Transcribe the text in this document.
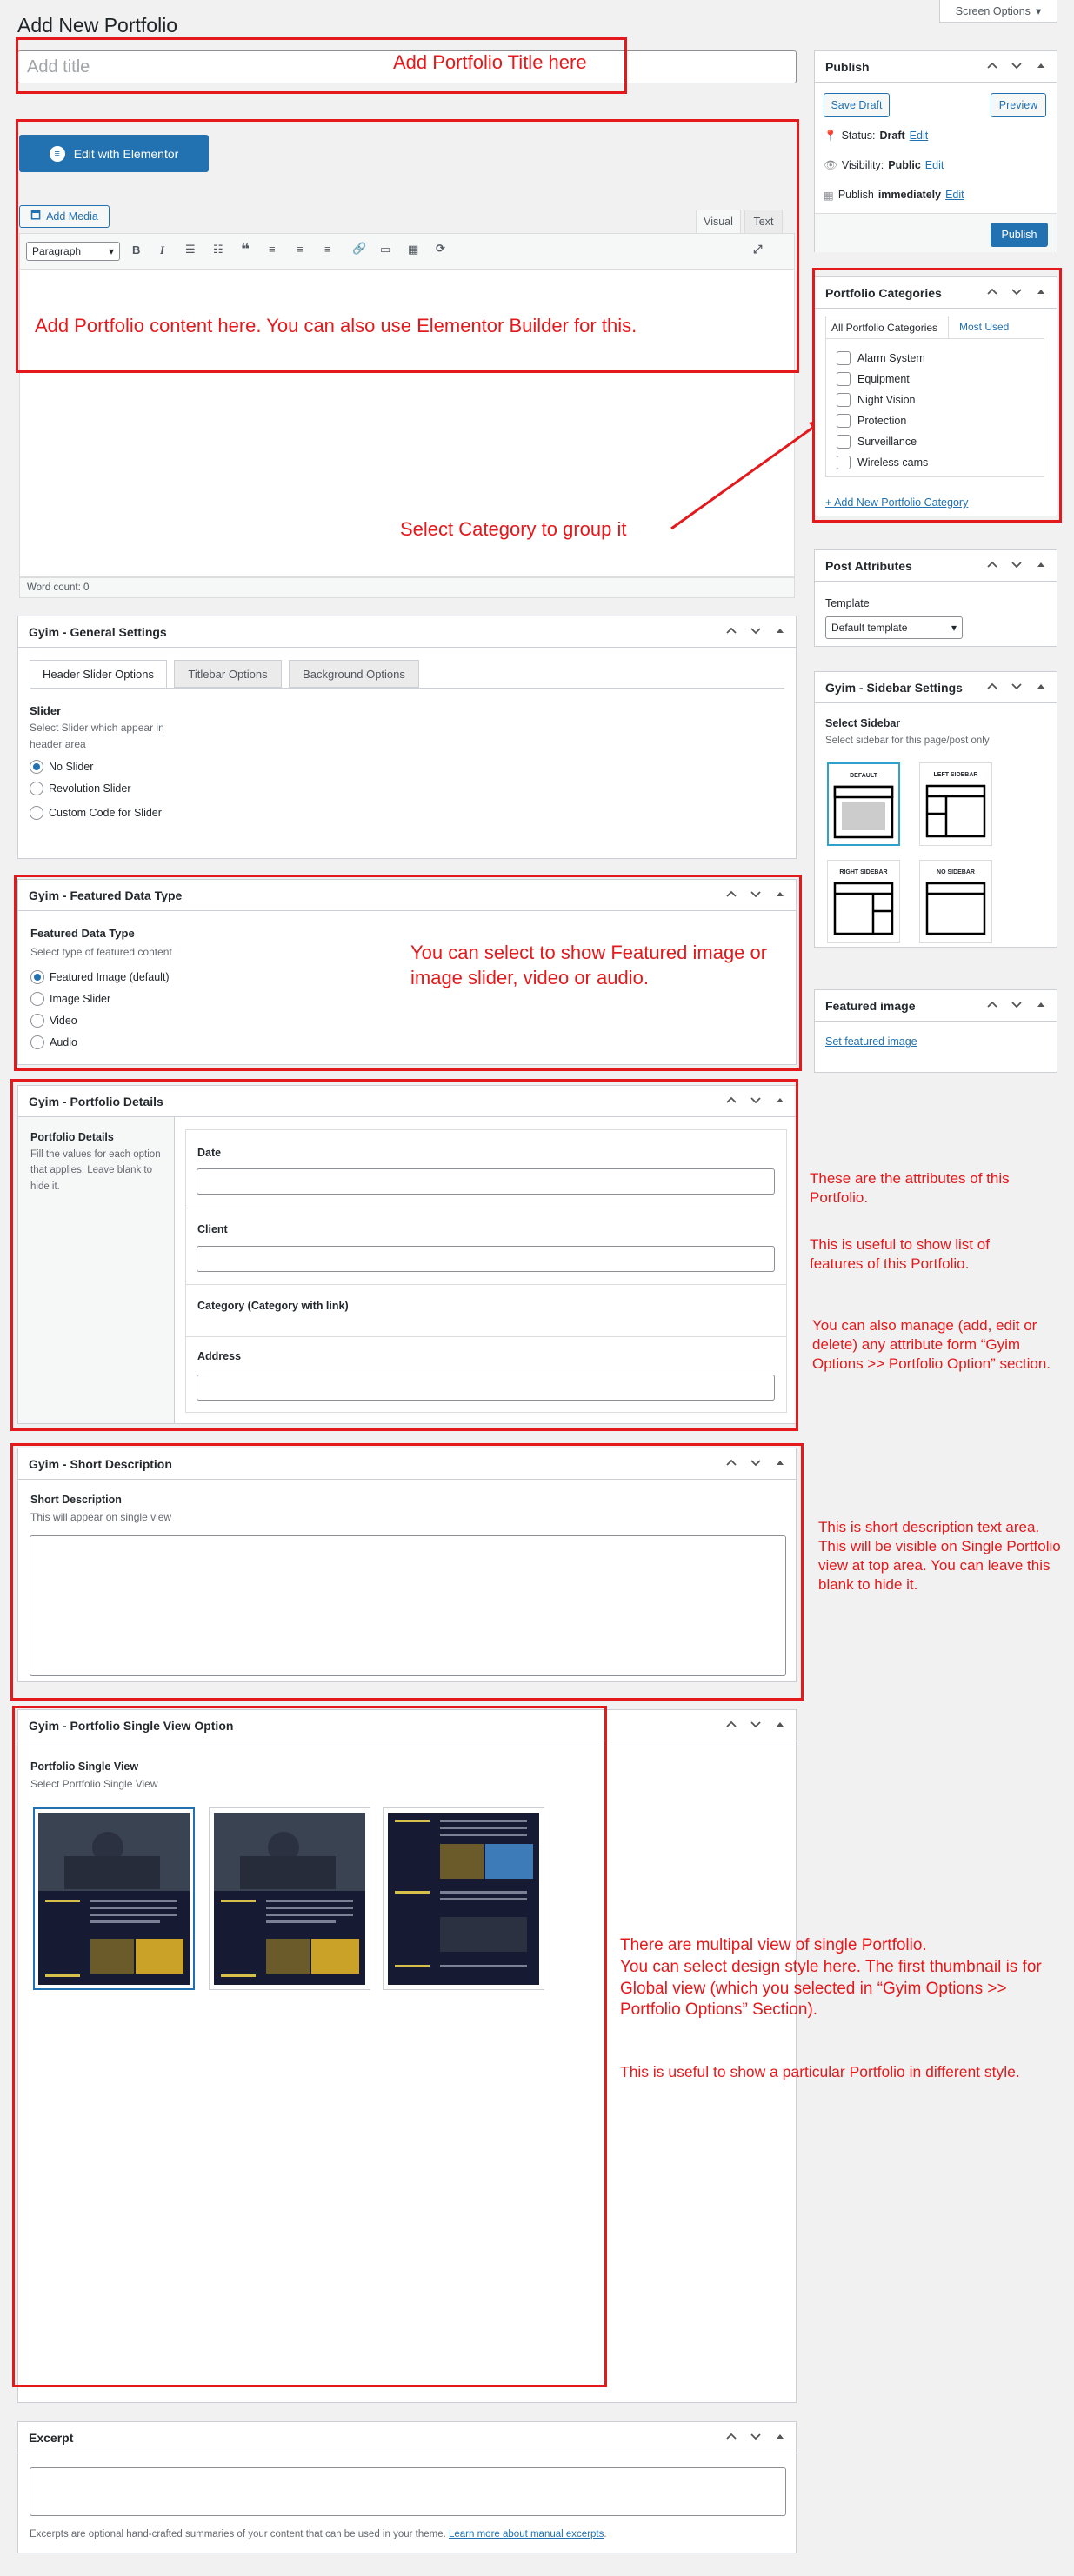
Add New Portfolio
Screen Options ▾
Add title	Add Portfolio Title here
≡	Edit with Elementor
🗖 Add Media	Visual Text
Paragraph	▾ B I ☰ ☷ ❝ ≡ ≡ ≡ 🔗 ▭ ▦ ⟳	⤢
Word count: 0
Add Portfolio content here. You can also use Elementor Builder for this.
Select Category to group it
Gyim - General Settings
Header Slider Options	Titlebar Options	Background Options
Slider
Select Slider which appear in header area
No Slider
Revolution Slider
Custom Code for Slider
Gyim - Featured Data Type
Featured Data Type
Select type of featured content
Featured Image (default)
Image Slider
Video
Audio
You can select to show Featured image or image slider, video or audio.
Gyim - Portfolio Details
Portfolio Details
Fill the values for each option that applies. Leave blank to hide it.
Date
Client
Category (Category with link)
Address
These are the attributes of this Portfolio.
This is useful to show list of features of this Portfolio.
You can also manage (add, edit or delete) any attribute form “Gyim Options >> Portfolio Option” section.
Gyim - Short Description
Short Description
This will appear on single view
This is short description text area. This will be visible on Single Portfolio view at top area. You can leave this blank to hide it.
Gyim - Portfolio Single View Option
Portfolio Single View
Select Portfolio Single View
There are multipal view of single Portfolio.
You can select design style here. The first thumbnail is for Global view (which you selected in “Gyim Options >> Portfolio Options” Section).
This is useful to show a particular Portfolio in different style.
Excerpt
Excerpts are optional hand-crafted summaries of your content that can be used in your theme. Learn more about manual excerpts.
Publish
Save Draft	Preview
📍 Status: Draft Edit
👁 Visibility: Public Edit
▦ Publish immediately Edit
Publish
Portfolio Categories
All Portfolio Categories	Most Used
Alarm System
Equipment
Night Vision
Protection
Surveillance
Wireless cams
+ Add New Portfolio Category
Post Attributes
Template
Default template	▾
Gyim - Sidebar Settings
Select Sidebar
Select sidebar for this page/post only
DEFAULT	LEFT SIDEBAR
RIGHT SIDEBAR	NO SIDEBAR
Featured image
Set featured image
